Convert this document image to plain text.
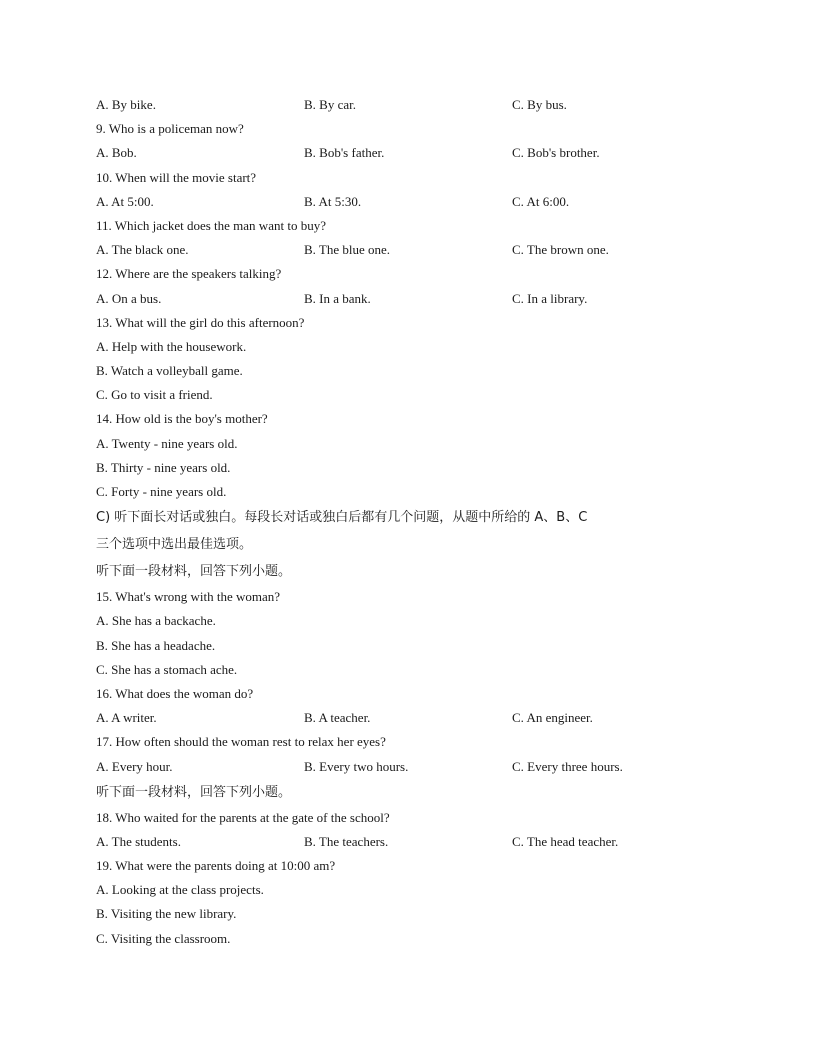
A. By bike.	B. By car.	C. By bus.
9. Who is a policeman now?
A. Bob.	B. Bob's father.	C. Bob's brother.
10. When will the movie start?
A. At 5:00.	B. At 5:30.	C. At 6:00.
11. Which jacket does the man want to buy?
A. The black one.	B. The blue one.	C. The brown one.
12. Where are the speakers talking?
A. On a bus.	B. In a bank.	C. In a library.
13. What will the girl do this afternoon?
A. Help with the housework.
B. Watch a volleyball game.
C. Go to visit a friend.
14. How old is the boy's mother?
A. Twenty - nine years old.
B. Thirty - nine years old.
C. Forty - nine years old.
C) 听下面长对话或独白。每段长对话或独白后都有几个问题，从题中所给的 A、B、C
三个选项中选出最佳选项。
听下面一段材料，回答下列小题。
15. What's wrong with the woman?
A. She has a backache.
B. She has a headache.
C. She has a stomach ache.
16. What does the woman do?
A. A writer.	B. A teacher.	C. An engineer.
17. How often should the woman rest to relax her eyes?
A. Every hour.	B. Every two hours.	C. Every three hours.
听下面一段材料，回答下列小题。
18. Who waited for the parents at the gate of the school?
A. The students.	B. The teachers.	C. The head teacher.
19. What were the parents doing at 10:00 am?
A. Looking at the class projects.
B. Visiting the new library.
C. Visiting the classroom.
